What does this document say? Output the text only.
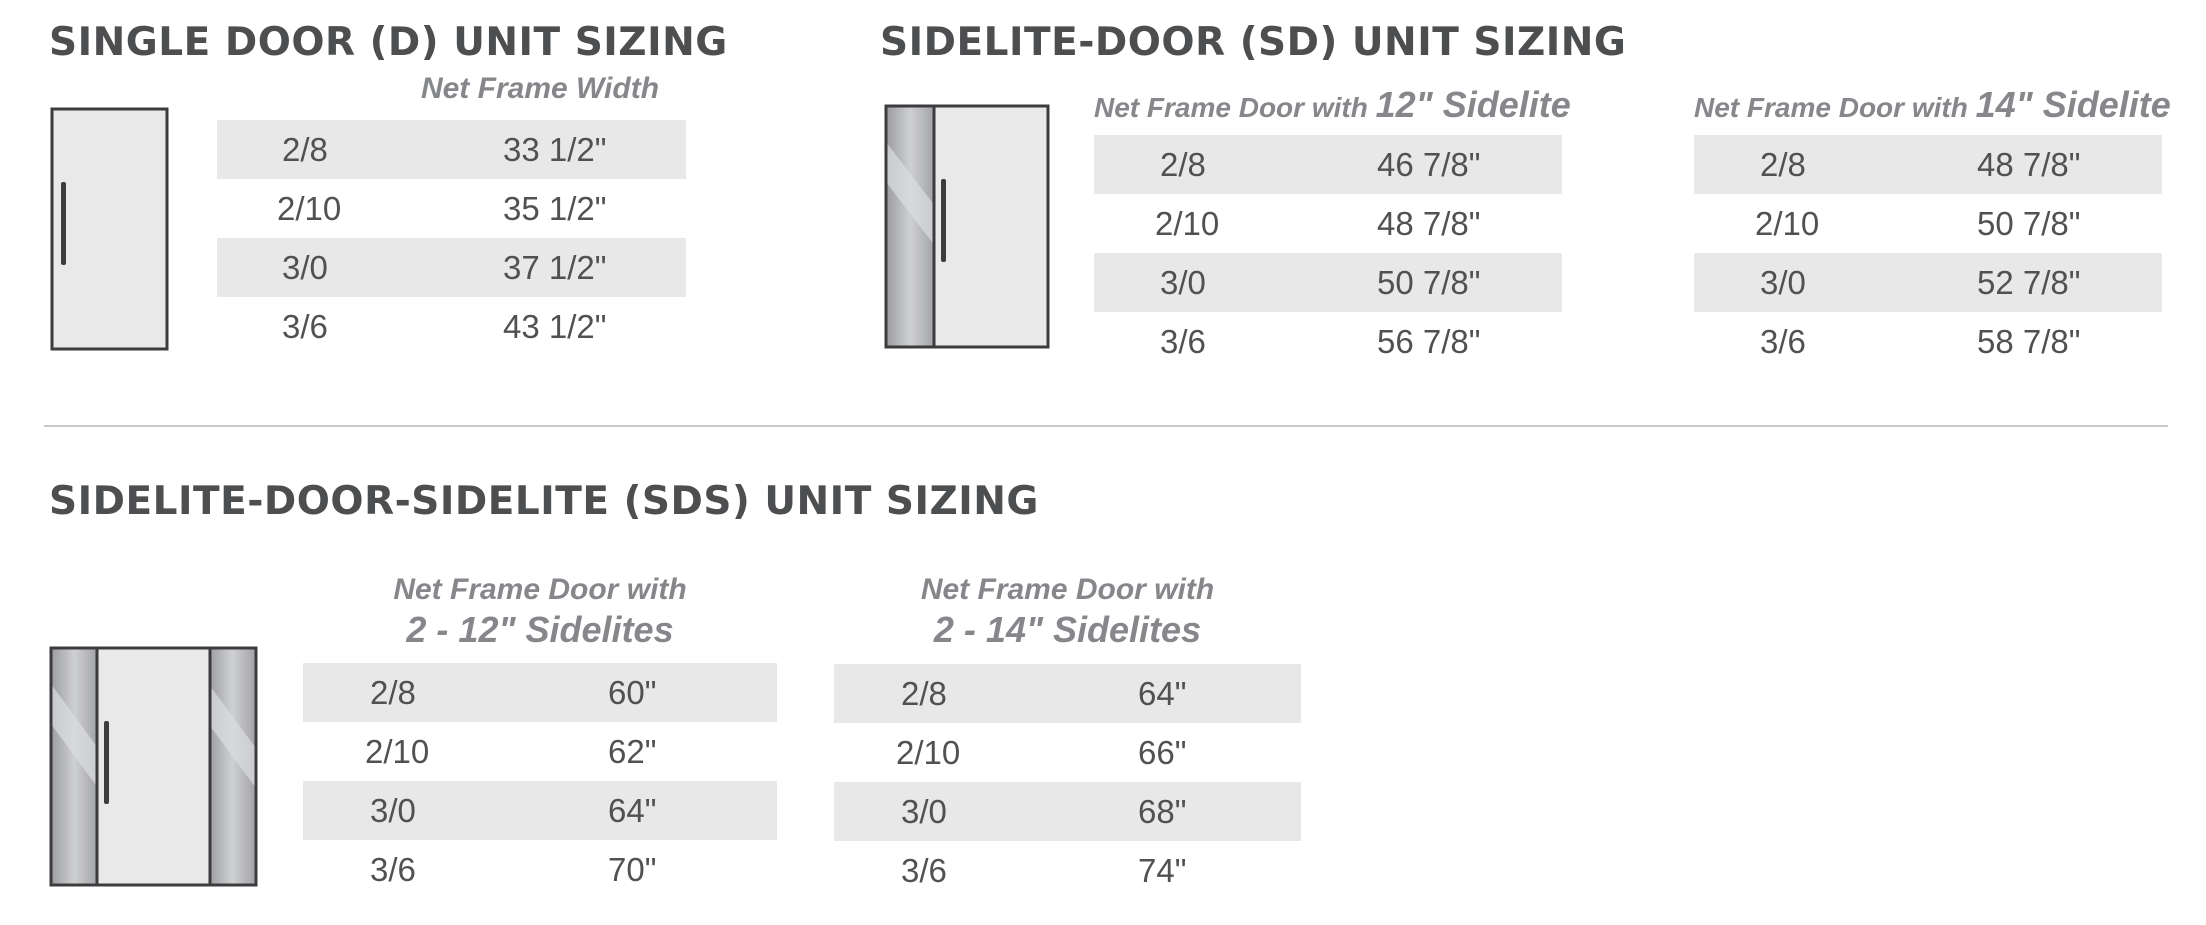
SINGLE DOOR (D) UNIT SIZING
Net Frame Width
2/8	33 1/2"
2/10	35 1/2"
3/0	37 1/2"
3/6	43 1/2"
SIDELITE-DOOR (SD) UNIT SIZING
Net Frame Door with 12" Sidelite
2/8	46 7/8"
2/10	48 7/8"
3/0	50 7/8"
3/6	56 7/8"
Net Frame Door with 14" Sidelite
2/8	48 7/8"
2/10	50 7/8"
3/0	52 7/8"
3/6	58 7/8"
SIDELITE-DOOR-SIDELITE (SDS) UNIT SIZING
Net Frame Door with
2 - 12" Sidelites
2/8	60"
2/10	62"
3/0	64"
3/6	70"
Net Frame Door with
2 - 14" Sidelites
2/8	64"
2/10	66"
3/0	68"
3/6	74"
